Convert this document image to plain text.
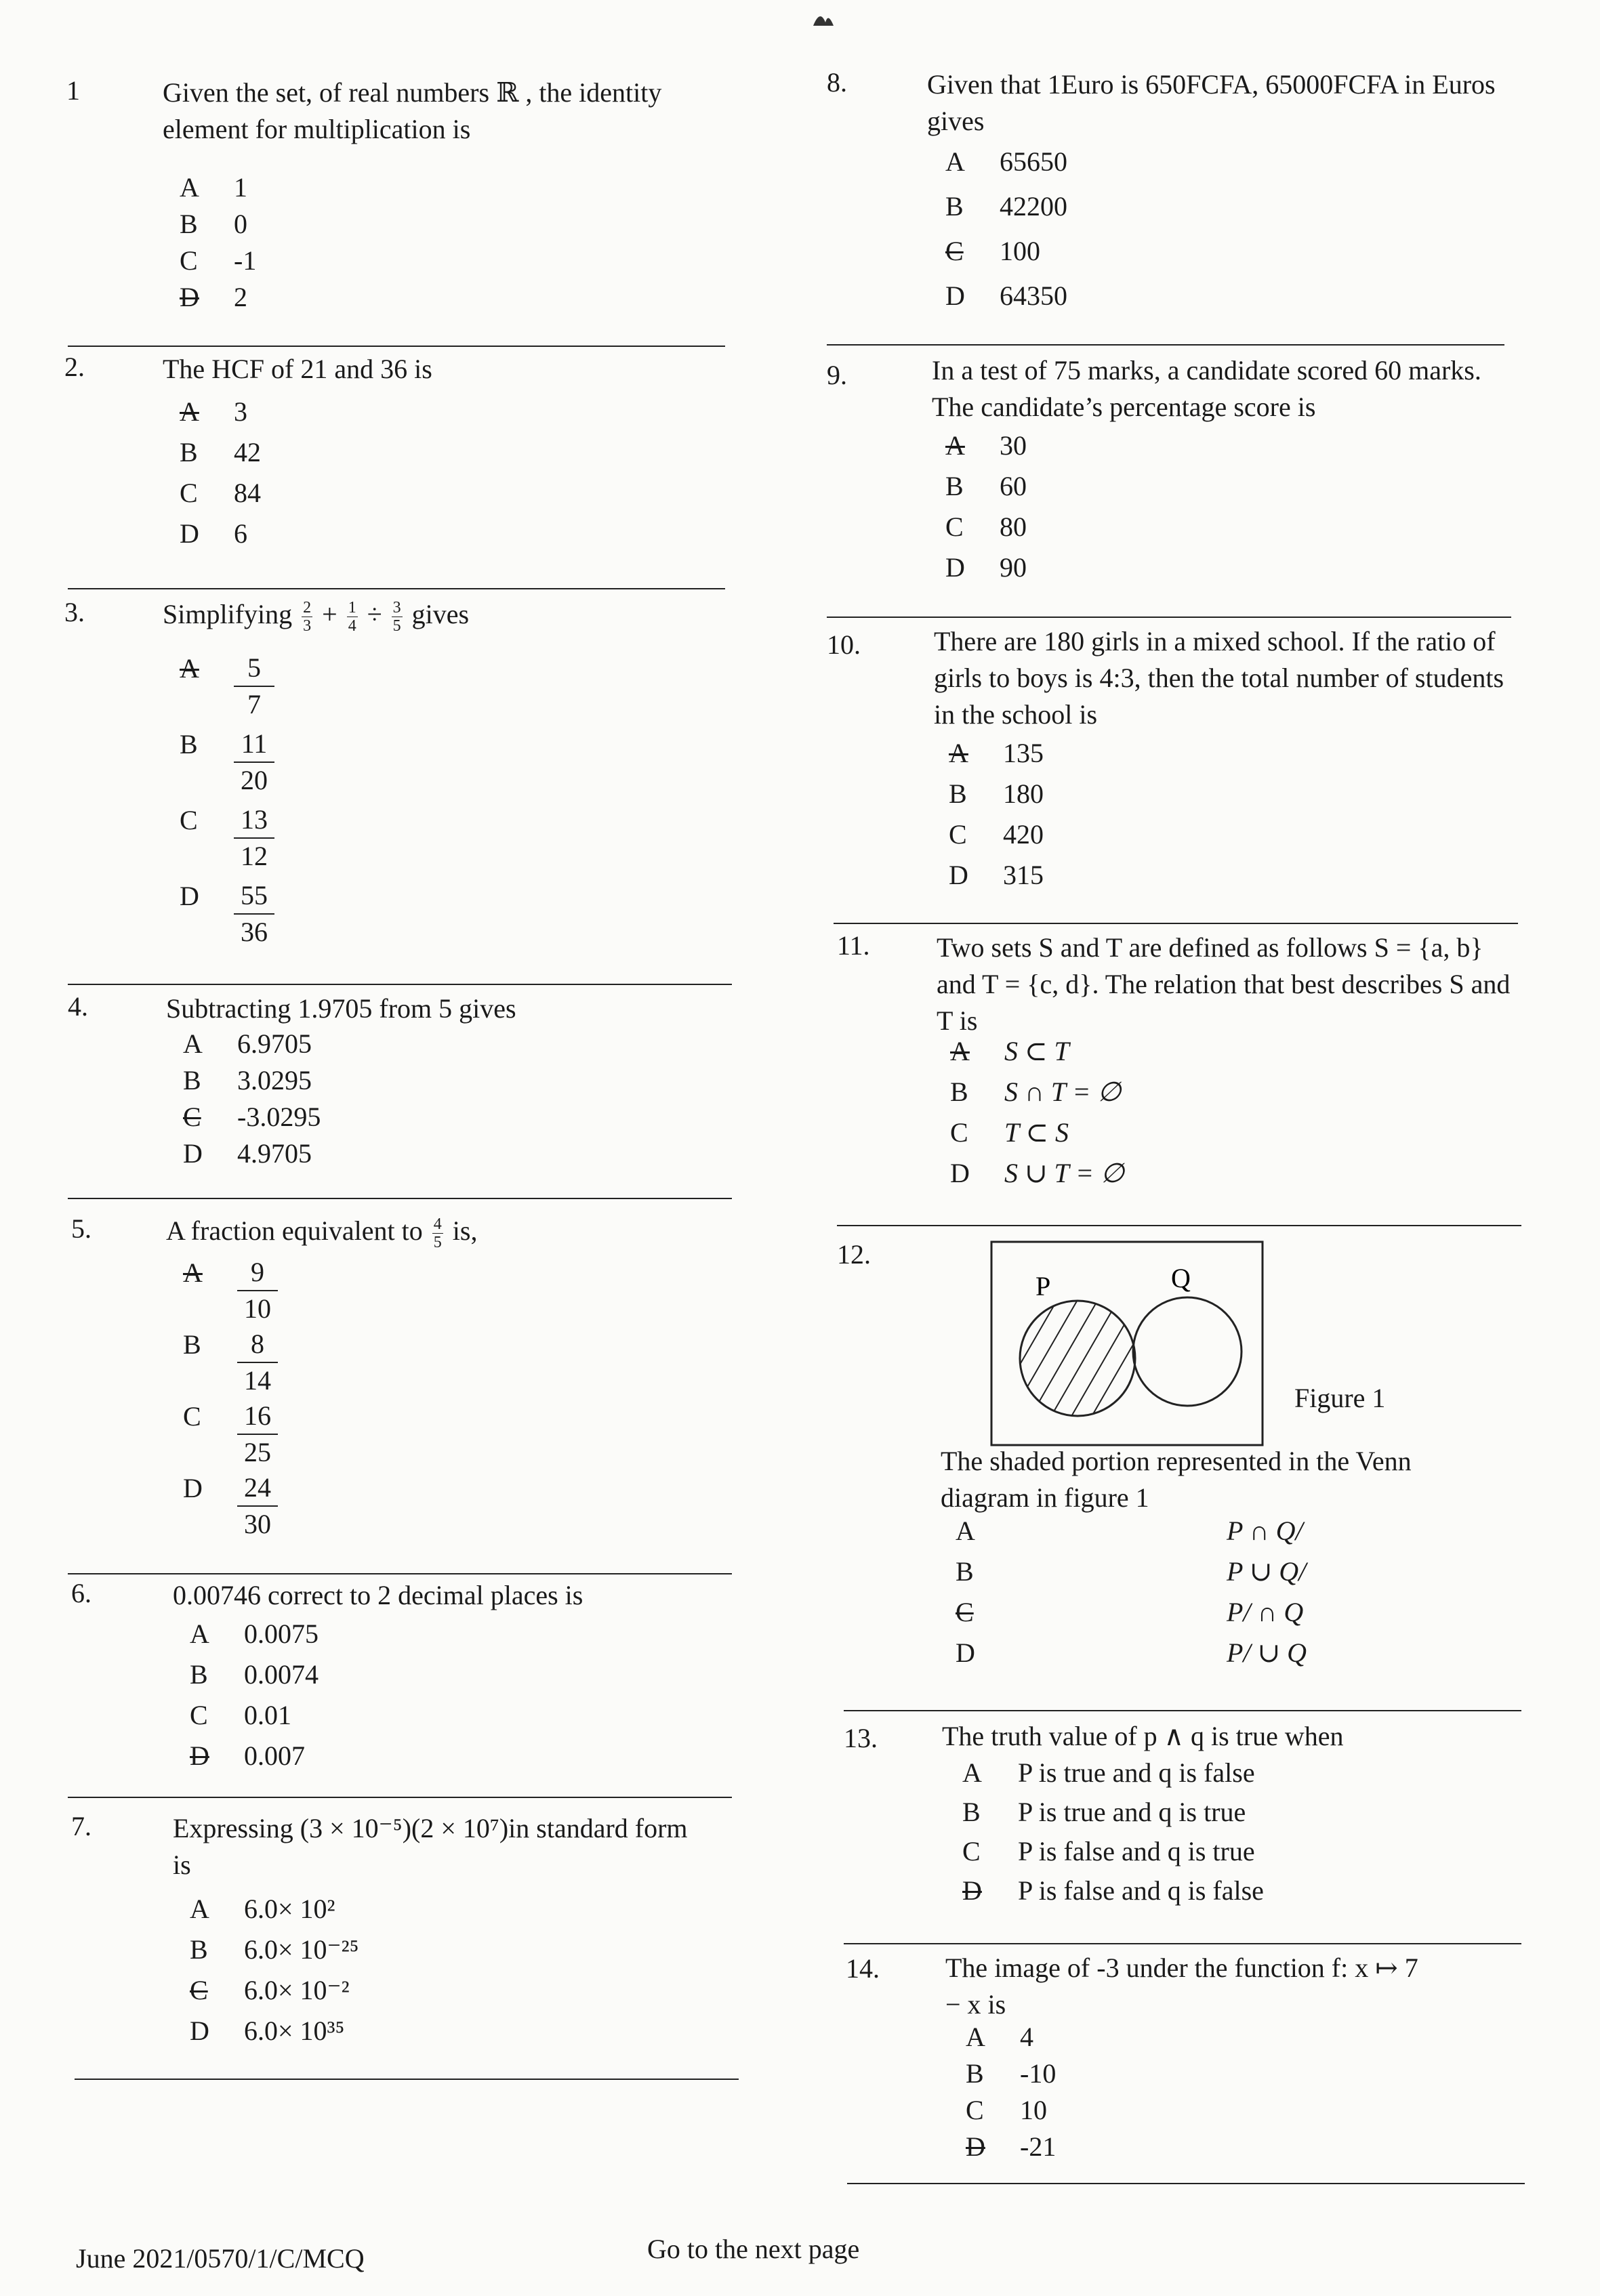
1	Given the set, of real numbers ℝ , the identity element for multiplication is
A	1
B	0
C	-1
D	2
2.	The HCF of 21 and 36 is
A	3
B	42
C	84
D	6
3.	Simplifying $\frac{2}{3} + \frac{1}{4} \div \frac{3}{5}$ gives
A	$\frac{5}{7}$
B	$\frac{11}{20}$
C	$\frac{13}{12}$
D	$\frac{55}{36}$
4.	Subtracting 1.9705 from 5 gives
A	6.9705
B	3.0295
C	-3.0295
D	4.9705
5.	A fraction equivalent to $\frac{4}{5}$ is,
A	$\frac{9}{10}$
B	$\frac{8}{14}$
C	$\frac{16}{25}$
D	$\frac{24}{30}$
6.	0.00746 correct to 2 decimal places is
A	0.0075
B	0.0074
C	0.01
D	0.007
7.	Expressing (3 × 10⁻⁵)(2 × 10⁷)in standard form is
A	6.0× 10²
B	6.0× 10⁻²⁵
C	6.0× 10⁻²
D	6.0× 10³⁵
8.	Given that 1Euro is 650FCFA, 65000FCFA in Euros gives
A	65650
B	42200
C	100
D	64350
9.	In a test of 75 marks, a candidate scored 60 marks. The candidate’s percentage score is
A	30
B	60
C	80
D	90
10.	There are 180 girls in a mixed school. If the ratio of girls to boys is 4:3, then the total number of students in the school is
A	135
B	180
C	420
D	315
11. Two sets S and T are defined as follows S = {a, b} and T = {c, d}. The relation that best describes S and T is
A	S ⊂ T
B	S ∩ T = ∅
C	T ⊂ S
D	S ∪ T = ∅
12.
P	Q
Figure 1
The shaded portion represented in the Venn diagram in figure 1
A	P ∩ Q/
B	P ∪ Q/
C	P/ ∩ Q
D	P/ ∪ Q
13. The truth value of p ∧ q is true when
A	P is true and q is false
B	P is true and q is true
C	P is false and q is true
D	P is false and q is false
14. The image of -3 under the function f: x ↦ 7 − x is
A	4
B	-10
C	10
D	-21
June 2021/0570/1/C/MCQ	Go to the next page
